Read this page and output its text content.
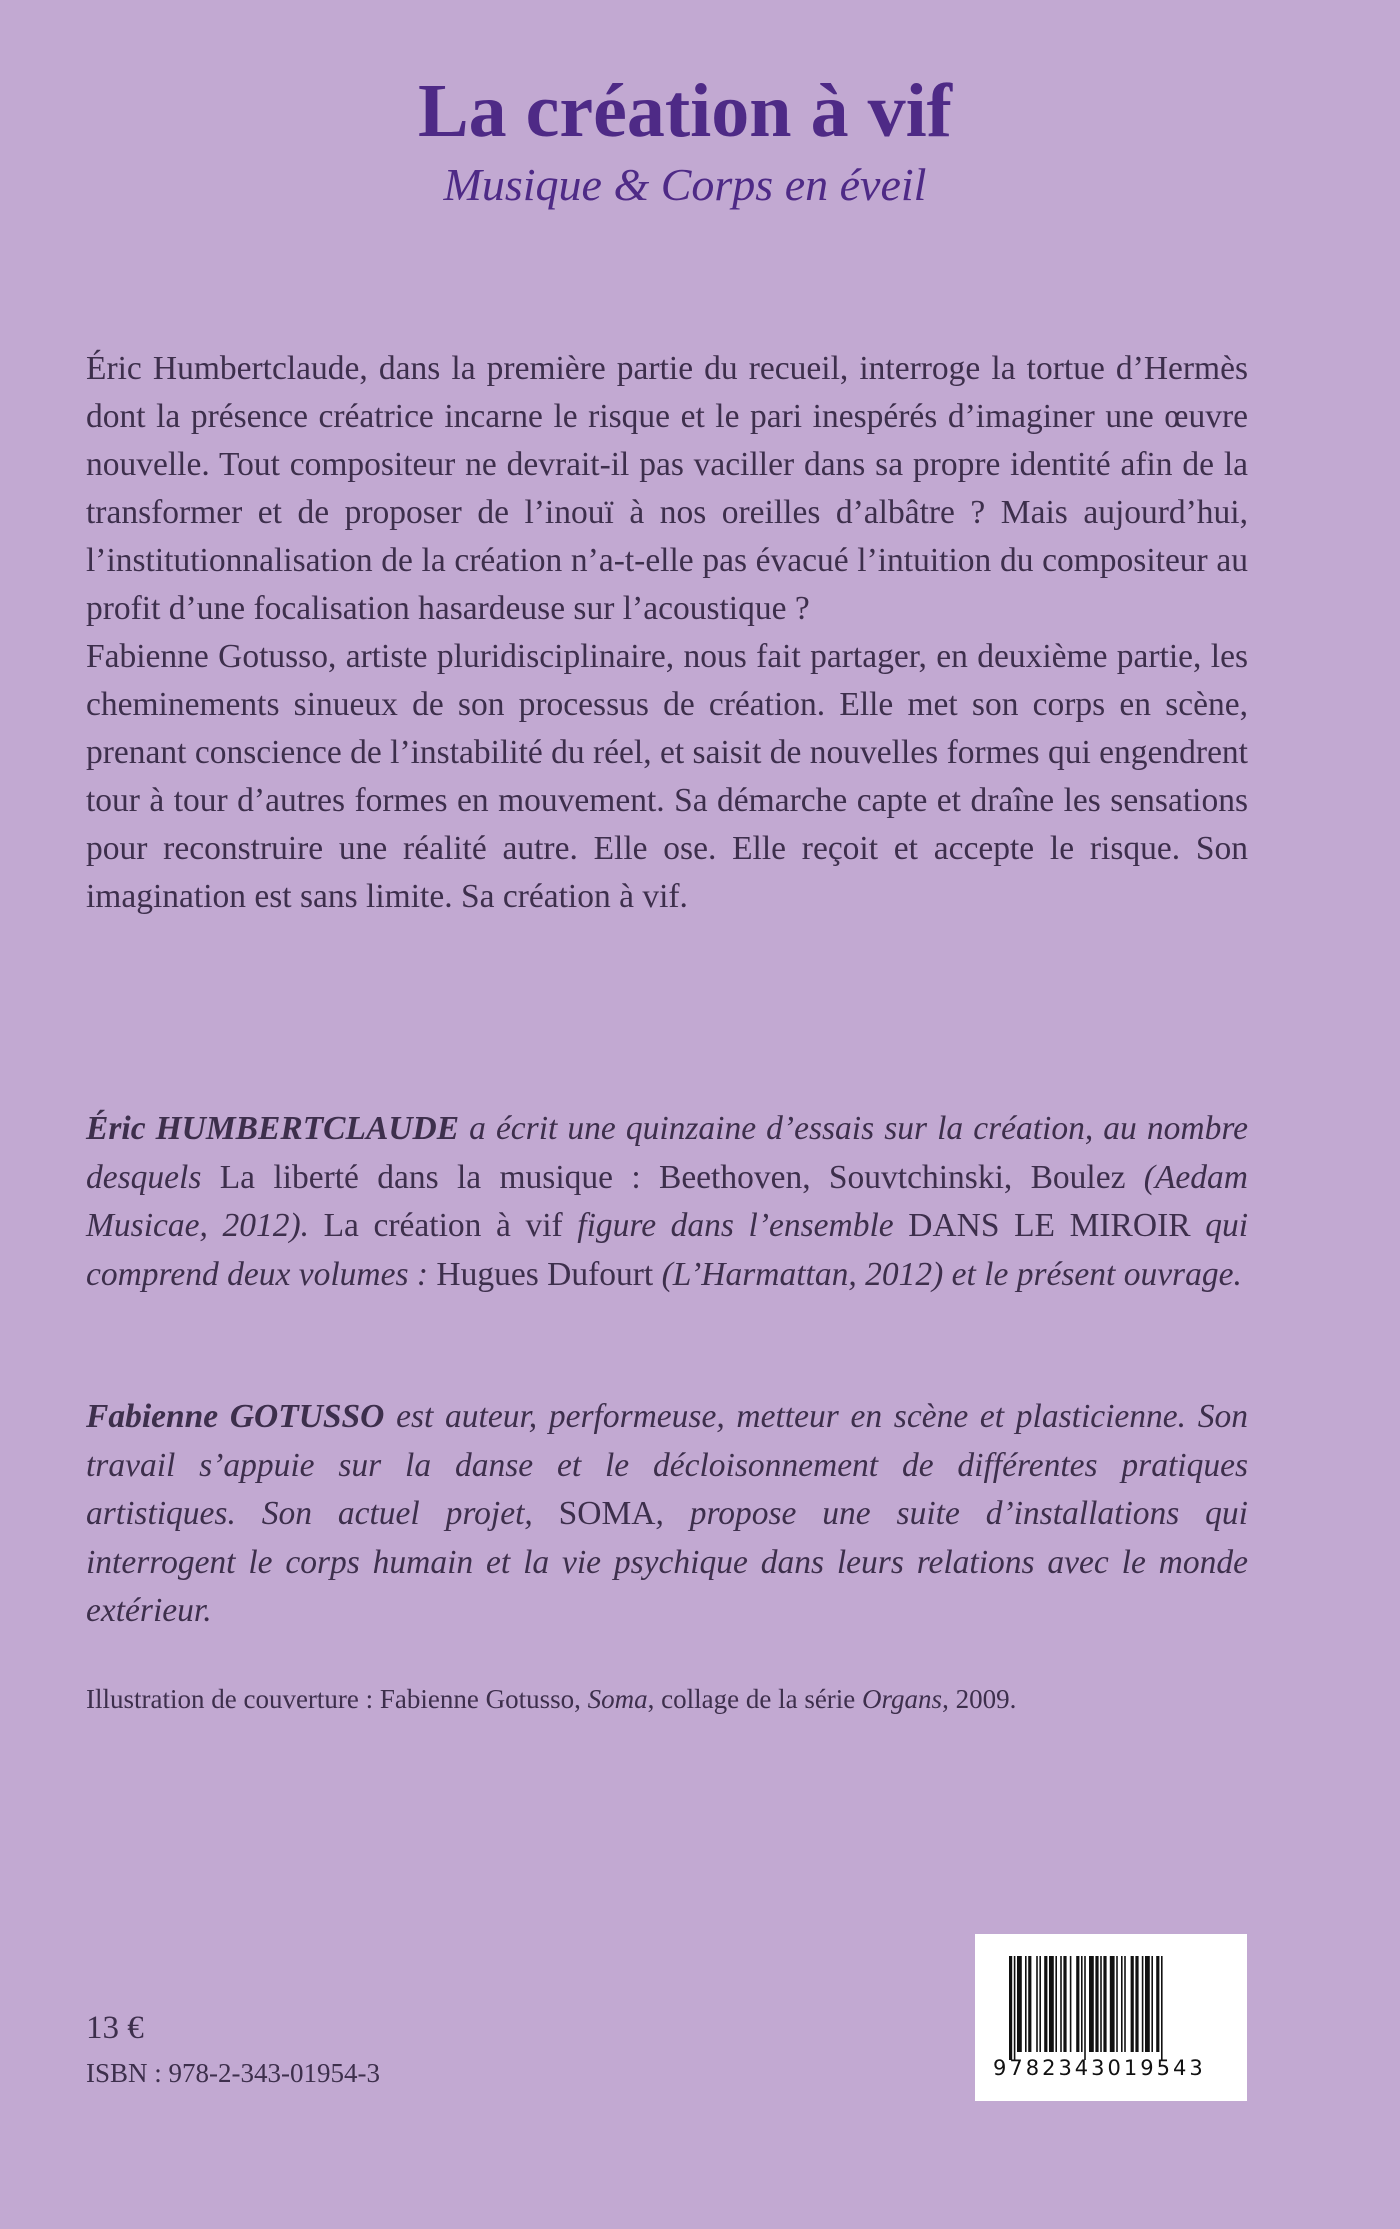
La création à vif
Musique & Corps en éveil

Éric Humbertclaude, dans la première partie du recueil, interroge la tortue d’Hermès dont la présence créatrice incarne le risque et le pari inespérés d’imaginer une œuvre nouvelle. Tout compositeur ne devrait-il pas vaciller dans sa propre identité afin de la transformer et de proposer de l’inouï à nos oreilles d’albâtre ? Mais aujourd’hui, l’institutionnalisation de la création n’a-t-elle pas évacué l’intuition du compositeur au profit d’une focalisation hasardeuse sur l’acoustique ?

Fabienne Gotusso, artiste pluridisciplinaire, nous fait partager, en deuxième partie, les cheminements sinueux de son processus de création. Elle met son corps en scène, prenant conscience de l’instabilité du réel, et saisit de nouvelles formes qui engendrent tour à tour d’autres formes en mouvement. Sa démarche capte et draîne les sensations pour reconstruire une réalité autre. Elle ose. Elle reçoit et accepte le risque. Son imagination est sans limite. Sa création à vif.

Éric HUMBERTCLAUDE a écrit une quinzaine d’essais sur la création, au nombre desquels La liberté dans la musique : Beethoven, Souvtchinski, Boulez (Aedam Musicae, 2012). La création à vif figure dans l’ensemble DANS LE MIROIR qui comprend deux volumes : Hugues Dufourt (L’Harmattan, 2012) et le présent ouvrage.
Fabienne GOTUSSO est auteur, performeuse, metteur en scène et plasticienne. Son travail s’appuie sur la danse et le décloisonnement de différentes pratiques artistiques. Son actuel projet, SOMA, propose une suite d’installations qui interrogent le corps humain et la vie psychique dans leurs relations avec le monde extérieur.
Illustration de couverture : Fabienne Gotusso, Soma, collage de la série Organs, 2009.
13 €
ISBN : 978-2-343-01954-3	9782343019543
